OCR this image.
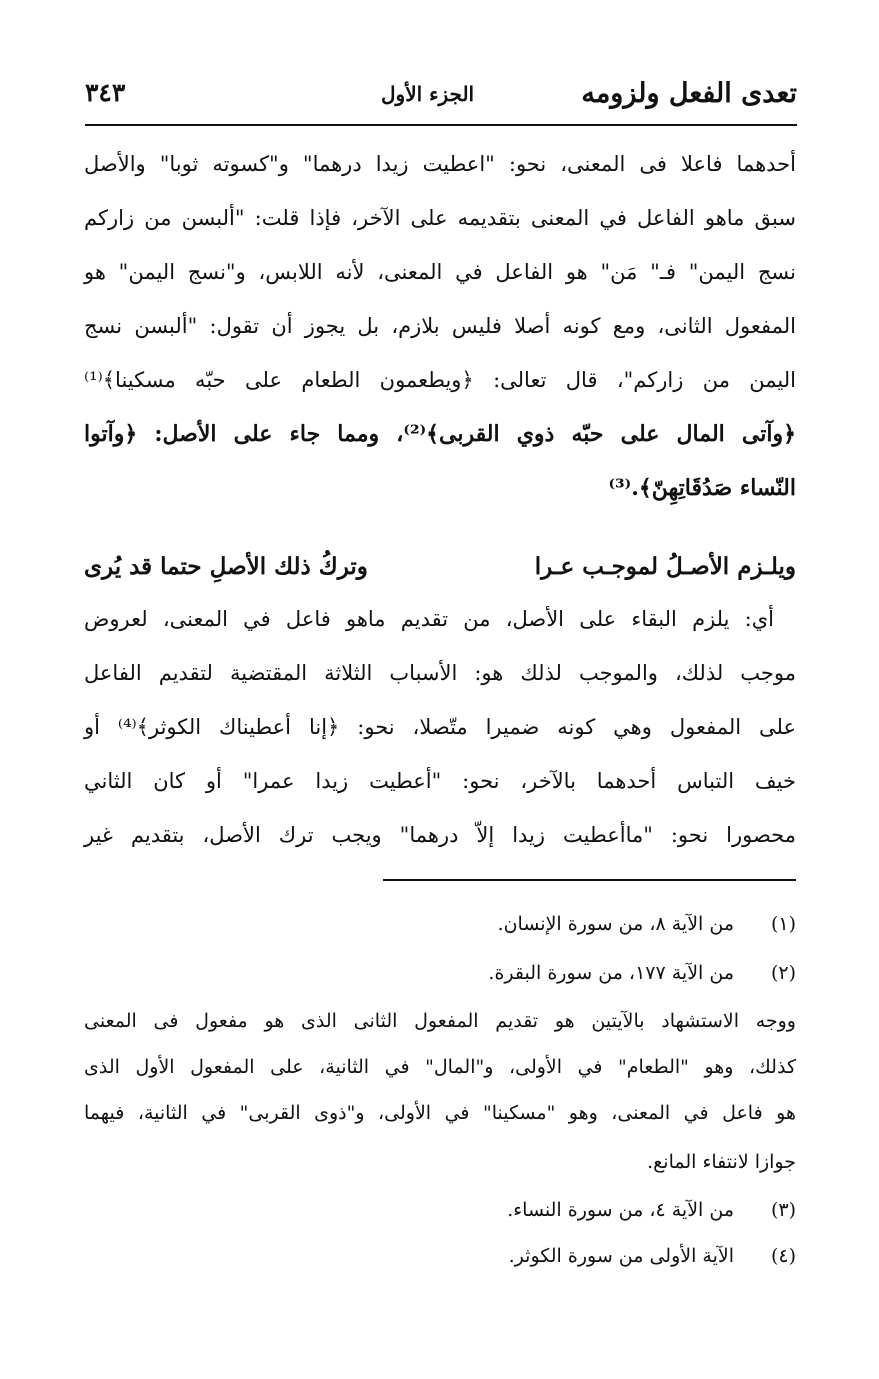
تعدى الفعل ولزومه
الجزء الأول
٣٤٣
أحدهما فاعلا فى المعنى، نحو: "اعطيت زيدا درهما" و"كسوته ثوبا" والأصل
سبق ماهو الفاعل في المعنى بتقديمه على الآخر، فإذا قلت: "ألبسن من زاركم
نسج اليمن" فـ" مَن" هو الفاعل في المعنى، لأنه اللابس، و"نسج اليمن" هو
المفعول الثانى، ومع كونه أصلا فليس بلازم، بل يجوز أن تقول: "ألبسن نسج
اليمن من زاركم"، قال تعالى: ﴿ويطعمون الطعام على حبّه مسكينا﴾⁽¹⁾
﴿وآتى المال على حبّه ذوي القربى﴾⁽²⁾، ومما جاء على الأصل: ﴿وآتوا
النّساء صَدُقَاتِهِنّ﴾.⁽³⁾
ويلـزم الأصـلُ لموجـب عـرا
وتركُ ذلك الأصلِ حتما قد يُرى
أي: يلزم البقاء على الأصل، من تقديم ماهو فاعل في المعنى، لعروض
موجب لذلك، والموجب لذلك هو: الأسباب الثلاثة المقتضية لتقديم الفاعل
على المفعول وهي كونه ضميرا متّصلا، نحو: ﴿إنا أعطيناك الكوثر﴾⁽⁴⁾ أو
خيف التباس أحدهما بالآخر، نحو: "أعطيت زيدا عمرا" أو كان الثاني
محصورا نحو: "ماأعطيت زيدا إلاّ درهما" ويجب ترك الأصل، بتقديم غير
(١)
من الآية ٨، من سورة الإنسان.
(٢)
من الآية ١٧٧، من سورة البقرة.
ووجه الاستشهاد بالآيتين هو تقديم المفعول الثانى الذى هو مفعول فى المعنى
كذلك، وهو "الطعام" في الأولى، و"المال" في الثانية، على المفعول الأول الذى
هو فاعل في المعنى، وهو "مسكينا" في الأولى، و"ذوى القربى" في الثانية، فيهما
جوازا لانتفاء المانع.
(٣)
من الآية ٤، من سورة النساء.
(٤)
الآية الأولى من سورة الكوثر.
